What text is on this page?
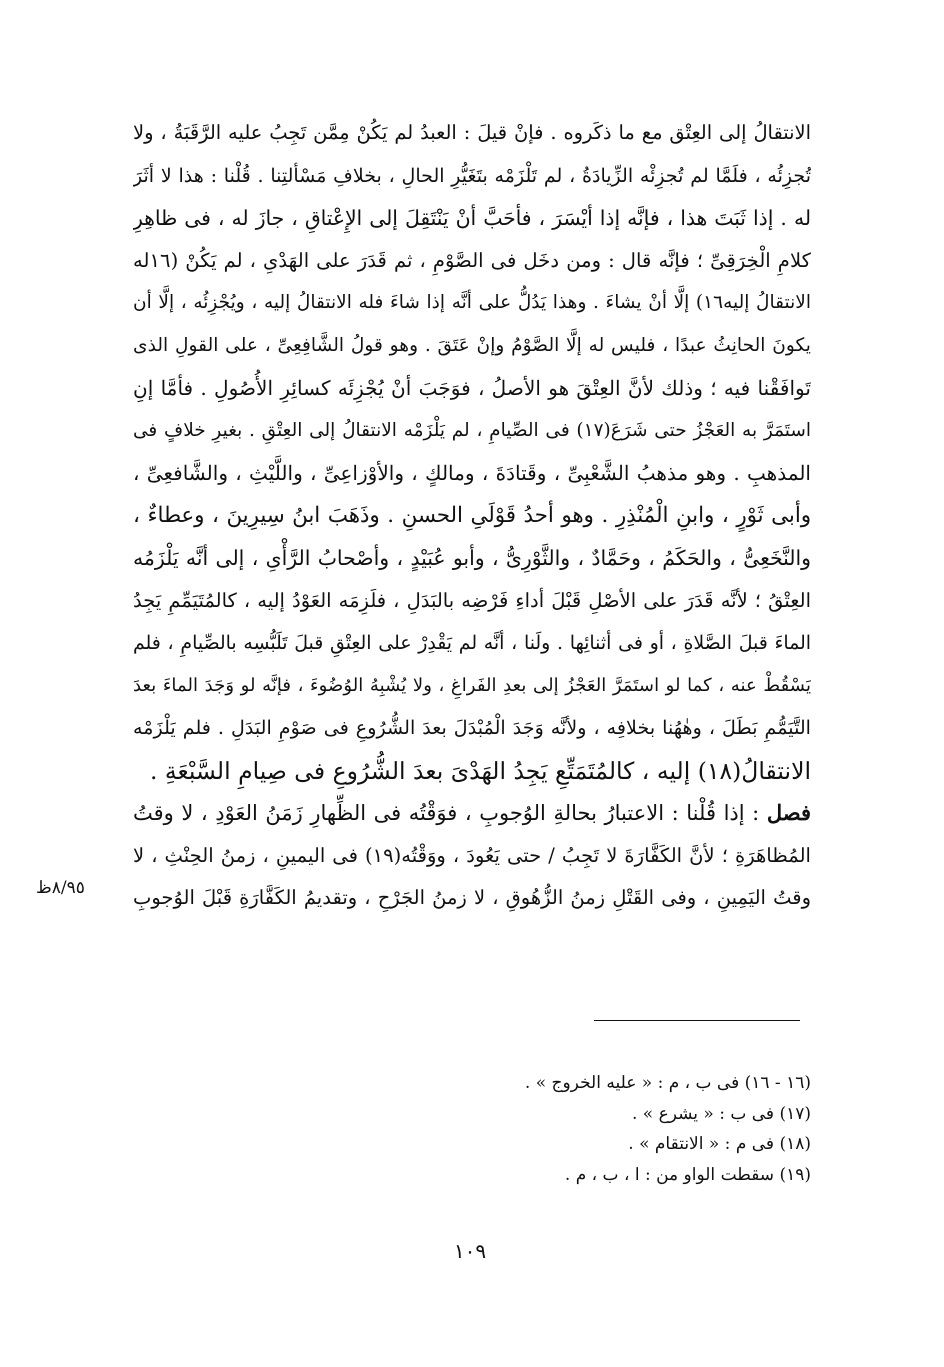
الانتقالُ إلى العِتْق مع ما ذكَروه . فإنْ قيلَ : العبدُ لم يَكُنْ مِمَّن تَجِبُ عليه الرَّقَبَةُ ، ولا
تُجزِئُه ، فلَمَّا لم تُجزِئْه الزِّيادَةُ ، لم تَلْزَمْه بتَغَيُّرِ الحالِ ، بخلافِ مَسْألتِنا . قُلْنا : هذا لا أثَرَ
له . إذا ثَبَتَ هذا ، فإنَّه إذا أيْسَرَ ، فأحَبَّ أنْ يَنْتَقِلَ إلى الإِعْتاقِ ، جازَ له ، فى ظاهِرِ
كلامِ الْخِرَقِىِّ ؛ فإنَّه قال : ومن دخَل فى الصَّوْمِ ، ثم قَدَرَ على الهَدْىِ ، لم يَكُنْ (١٦له
الانتقالُ إليه١٦) إلَّا أنْ يشاءَ . وهذا يَدُلُّ على أنَّه إذا شاءَ فله الانتقالُ إليه ، ويُجْزِئُه ، إلَّا أن
يكونَ الحانِثُ عبدًا ، فليس له إلَّا الصَّوْمُ وإنْ عَتَقَ . وهو قولُ الشَّافِعِىِّ ، على القولِ الذى
تَوافَقْنا فيه ؛ وذلك لأنَّ العِتْقَ هو الأصلُ ، فوَجَبَ أنْ يُجْزِئَه كسائِرِ الأُصُولِ . فأمَّا إنِ
استَمَرَّ به العَجْزُ حتى شَرَعَ(١٧) فى الصِّيامِ ، لم يَلْزَمْه الانتقالُ إلى العِتْقِ . بغيرِ خلافٍ فى
المذهبِ . وهو مذهبُ الشَّعْبِىِّ ، وقَتادَةَ ، ومالكٍ ، والأوْزاعِىِّ ، واللَّيْثِ ، والشَّافعِىِّ ،
وأبى ثَوْرٍ ، وابنِ الْمُنْذِرِ . وهو أحدُ قَوْلَىِ الحسنِ . وذَهَبَ ابنُ سِيرِينَ ، وعطاءٌ ،
والنَّخَعِىُّ ، والحَكَمُ ، وحَمَّادٌ ، والثَّوْرِىُّ ، وأبو عُبَيْدٍ ، وأصْحابُ الرَّأْىِ ، إلى أنَّه يَلْزَمُه
العِتْقُ ؛ لأنَّه قَدَرَ على الأصْلِ قَبْلَ أداءِ فَرْضِه بالبَدَلِ ، فلَزِمَه العَوْدُ إليه ، كالمُتَيَمِّمِ يَجِدُ
الماءَ قبلَ الصَّلاةِ ، أو فى أثنائِها . ولَنا ، أنَّه لم يَقْدِرْ على العِتْقِ قبلَ تَلَبُّسِه بالصِّيامِ ، فلم
يَسْقُطْ عنه ، كما لو استَمَرَّ العَجْزُ إلى بعدِ الفَراغِ ، ولا يُشْبِهُ الوُضُوءَ ، فإنَّه لو وَجَدَ الماءَ بعدَ
التَّيَمُّمِ بَطَلَ ، وهٰهُنا بخلافِه ، ولأنَّه وَجَدَ الْمُبْدَلَ بعدَ الشُّرُوعِ فى صَوْمِ البَدَلِ . فلم يَلْزَمْه
الانتقالُ(١٨) إليه ، كالمُتَمَتِّعِ يَجِدُ الهَدْىَ بعدَ الشُّرُوعِ فى صِيامِ السَّبْعَةِ .
فصل : إذا قُلْنا : الاعتبارُ بحالةِ الوُجوبِ ، فوَقْتُه فى الظِّهارِ زَمَنُ العَوْدِ ، لا وقتُ
المُظاهَرَةِ ؛ لأنَّ الكَفَّارَةَ لا تَجِبُ / حتى يَعُودَ ، ووَقْتُه(١٩) فى اليمينِ ، زمنُ الحِنْثِ ، لا
وقتُ اليَمِينِ ، وفى القَتْلِ زمنُ الزُّهُوقِ ، لا زمنُ الجَرْحِ ، وتقديمُ الكَفَّارَةِ قَبْلَ الوُجوبِ
٨/٩٥ظ
(١٦ - ١٦) فى ب ، م : « عليه الخروج » .
(١٧) فى ب : « يشرع » .
(١٨) فى م : « الانتقام » .
(١٩) سقطت الواو من : ا ، ب ، م .
١٠٩
